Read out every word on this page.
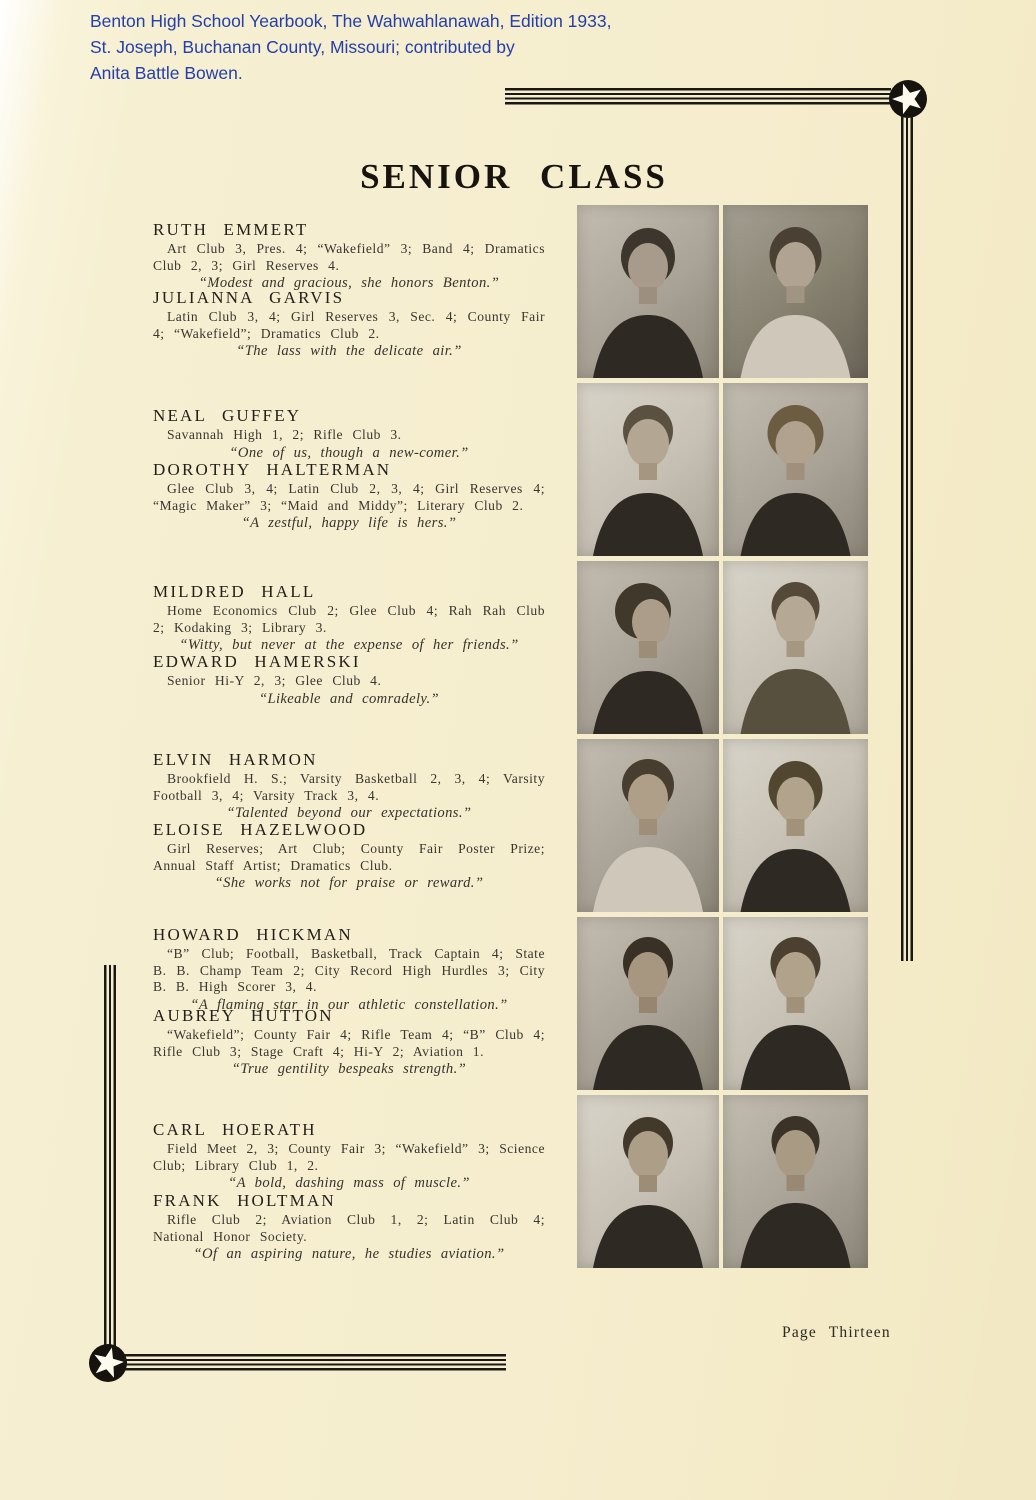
Benton High School Yearbook, The Wahwahlanawah, Edition 1933,
St. Joseph, Buchanan County, Missouri; contributed by
Anita Battle Bowen.
SENIOR CLASS
RUTH EMMERT

Art Club 3, Pres. 4; “Wakefield” 3; Band 4; Dramatics Club 2, 3; Girl Reserves 4.

“Modest and gracious, she honors Benton.”

JULIANNA GARVIS

Latin Club 3, 4; Girl Reserves 3, Sec. 4; County Fair 4; “Wakefield”; Dramatics Club 2.

“The lass with the delicate air.”

NEAL GUFFEY

Savannah High 1, 2; Rifle Club 3.

“One of us, though a new-comer.”

DOROTHY HALTERMAN

Glee Club 3, 4; Latin Club 2, 3, 4; Girl Reserves 4; “Magic Maker” 3; “Maid and Middy”; Literary Club 2.

“A zestful, happy life is hers.”

MILDRED HALL

Home Economics Club 2; Glee Club 4; Rah Rah Club 2; Kodaking 3; Library 3.

“Witty, but never at the expense of her friends.”

EDWARD HAMERSKI

Senior Hi-Y 2, 3; Glee Club 4.

“Likeable and comradely.”

ELVIN HARMON

Brookfield H. S.; Varsity Basketball 2, 3, 4; Varsity Football 3, 4; Varsity Track 3, 4.

“Talented beyond our expectations.”

ELOISE HAZELWOOD

Girl Reserves; Art Club; County Fair Poster Prize; Annual Staff Artist; Dramatics Club.

“She works not for praise or reward.”

HOWARD HICKMAN

“B” Club; Football, Basketball, Track Captain 4; State B. B. Champ Team 2; City Record High Hurdles 3; City B. B. High Scorer 3, 4.

“A flaming star in our athletic constellation.”

AUBREY HUTTON

“Wakefield”; County Fair 4; Rifle Team 4; “B” Club 4; Rifle Club 3; Stage Craft 4; Hi-Y 2; Aviation 1.

“True gentility bespeaks strength.”

CARL HOERATH

Field Meet 2, 3; County Fair 3; “Wakefield” 3; Science Club; Library Club 1, 2.

“A bold, dashing mass of muscle.”

FRANK HOLTMAN

Rifle Club 2; Aviation Club 1, 2; Latin Club 4; National Honor Society.

“Of an aspiring nature, he studies aviation.”

Page Thirteen
